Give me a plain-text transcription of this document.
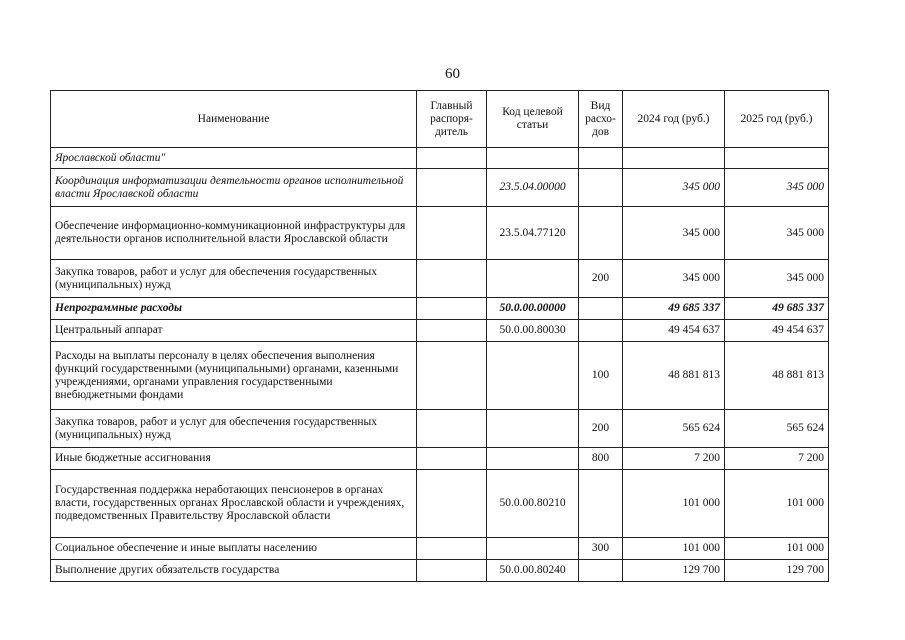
60
Наименование	Главный распоря-дитель	Код целевой статьи	Вид расхо-дов	2024 год (руб.)	2025 год (руб.)
Ярославской области"					
Координация информатизации деятельности органов исполнительной власти Ярославской области		23.5.04.00000		345 000	345 000
Обеспечение информационно-коммуникационной инфраструктуры для деятельности органов исполнительной власти Ярославской области		23.5.04.77120		345 000	345 000
Закупка товаров, работ и услуг для обеспечения государственных (муниципальных) нужд			200	345 000	345 000
Непрограммные расходы		50.0.00.00000		49 685 337	49 685 337
Центральный аппарат		50.0.00.80030		49 454 637	49 454 637
Расходы на выплаты персоналу в целях обеспечения выполнения функций государственными (муниципальными) органами, казенными учреждениями, органами управления государственными внебюджетными фондами			100	48 881 813	48 881 813
Закупка товаров, работ и услуг для обеспечения государственных (муниципальных) нужд			200	565 624	565 624
Иные бюджетные ассигнования			800	7 200	7 200
Государственная поддержка неработающих пенсионеров в органах власти, государственных органах Ярославской области и учреждениях, подведомственных Правительству Ярославской области		50.0.00.80210		101 000	101 000
Социальное обеспечение и иные выплаты населению			300	101 000	101 000
Выполнение других обязательств государства		50.0.00.80240		129 700	129 700
